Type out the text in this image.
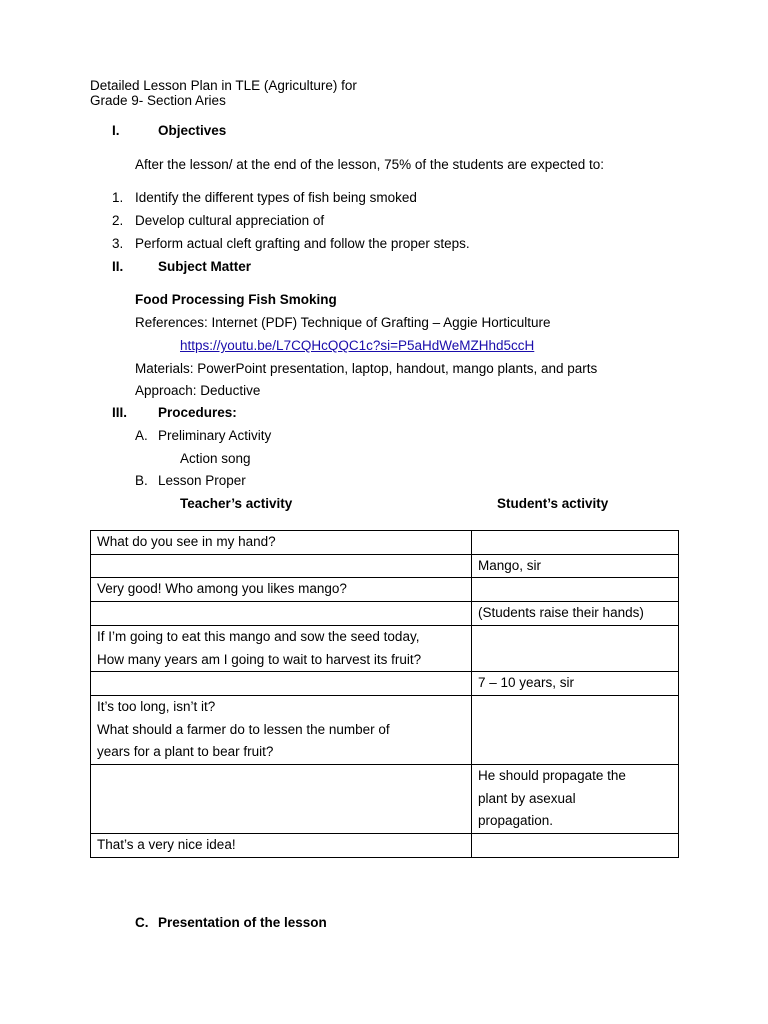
Detailed Lesson Plan in TLE (Agriculture) for
Grade 9- Section Aries
I.	Objectives
After the lesson/ at the end of the lesson, 75% of the students are expected to:
1. Identify the different types of fish being smoked
2. Develop cultural appreciation of
3. Perform actual cleft grafting and follow the proper steps.
II.	Subject Matter
Food Processing Fish Smoking
References: Internet (PDF) Technique of Grafting – Aggie Horticulture
https://youtu.be/L7CQHcQQC1c?si=P5aHdWeMZHhd5ccH
Materials: PowerPoint presentation, laptop, handout, mango plants, and parts
Approach: Deductive
III. Procedures:
A. Preliminary Activity
Action song
B. Lesson Proper
Teacher’s activity	Student’s activity
What do you see in my hand?	

	Mango, sir

Very good! Who among you likes mango?	

	(Students raise their hands)

If I’m going to eat this mango and sow the seed today,
How many years am I going to wait to harvest its fruit?	

	7 – 10 years, sir

It’s too long, isn’t it?
What should a farmer do to lessen the number of
years for a plant to bear fruit?	

	He should propagate the
plant by asexual
propagation.

That’s a very nice idea!	

C. Presentation of the lesson
